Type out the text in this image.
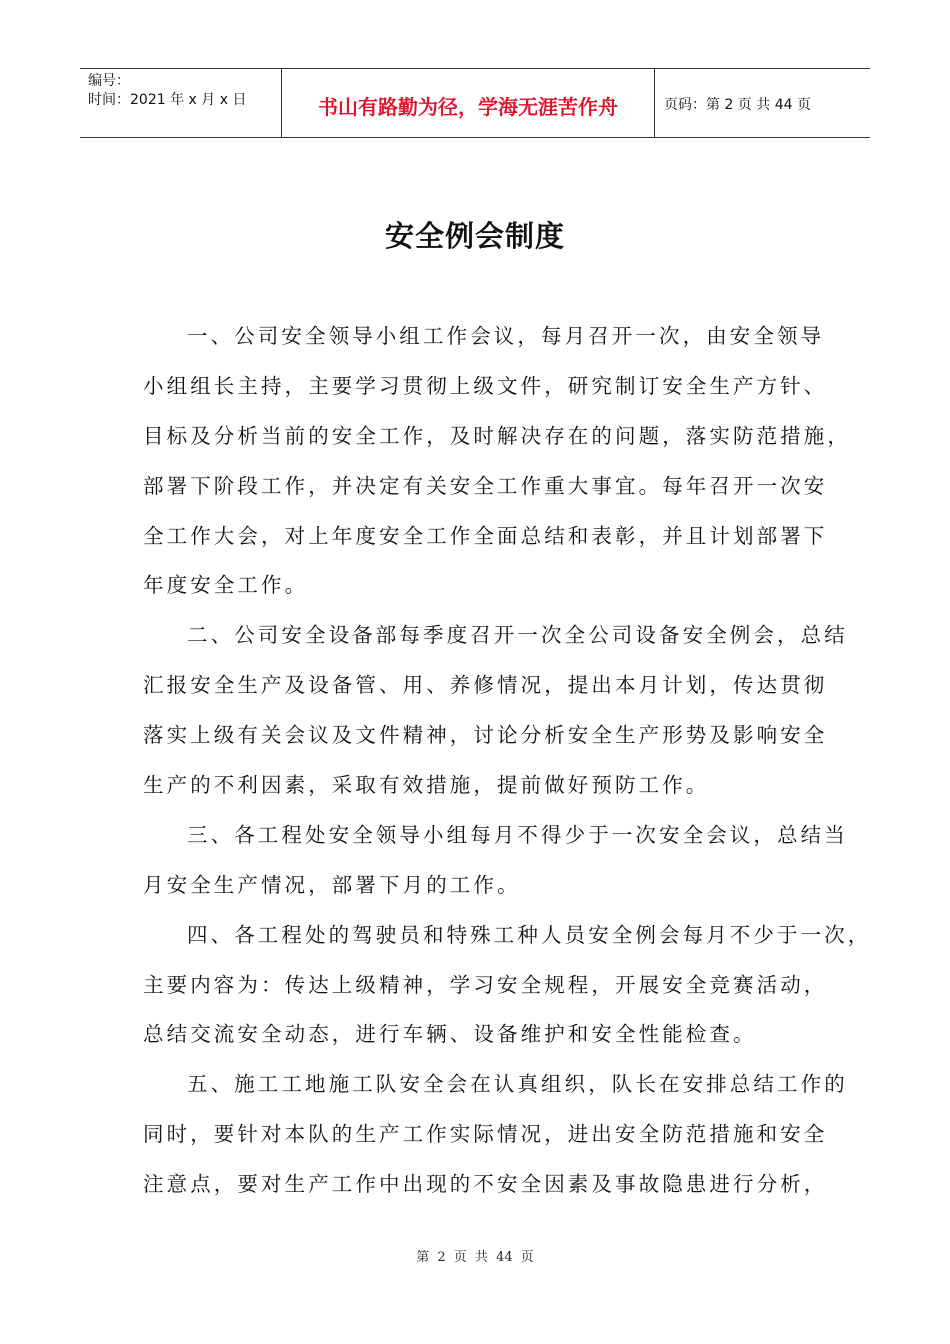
编号：
时间：2021 年 x 月 x 日	书山有路勤为径，学海无涯苦作舟	页码：第 2 页 共 44 页
安全例会制度
一、公司安全领导小组工作会议，每月召开一次，由安全领导
小组组长主持，主要学习贯彻上级文件，研究制订安全生产方针、
目标及分析当前的安全工作，及时解决存在的问题，落实防范措施，
部署下阶段工作，并决定有关安全工作重大事宜。每年召开一次安
全工作大会，对上年度安全工作全面总结和表彰，并且计划部署下
年度安全工作。
二、公司安全设备部每季度召开一次全公司设备安全例会，总结
汇报安全生产及设备管、用、养修情况，提出本月计划，传达贯彻
落实上级有关会议及文件精神，讨论分析安全生产形势及影响安全
生产的不利因素，采取有效措施，提前做好预防工作。
三、各工程处安全领导小组每月不得少于一次安全会议，总结当
月安全生产情况，部署下月的工作。
四、各工程处的驾驶员和特殊工种人员安全例会每月不少于一次，
主要内容为：传达上级精神，学习安全规程，开展安全竞赛活动，
总结交流安全动态，进行车辆、设备维护和安全性能检查。
五、施工工地施工队安全会在认真组织，队长在安排总结工作的
同时，要针对本队的生产工作实际情况，进出安全防范措施和安全
注意点，要对生产工作中出现的不安全因素及事故隐患进行分析，
第 2 页 共 44 页
